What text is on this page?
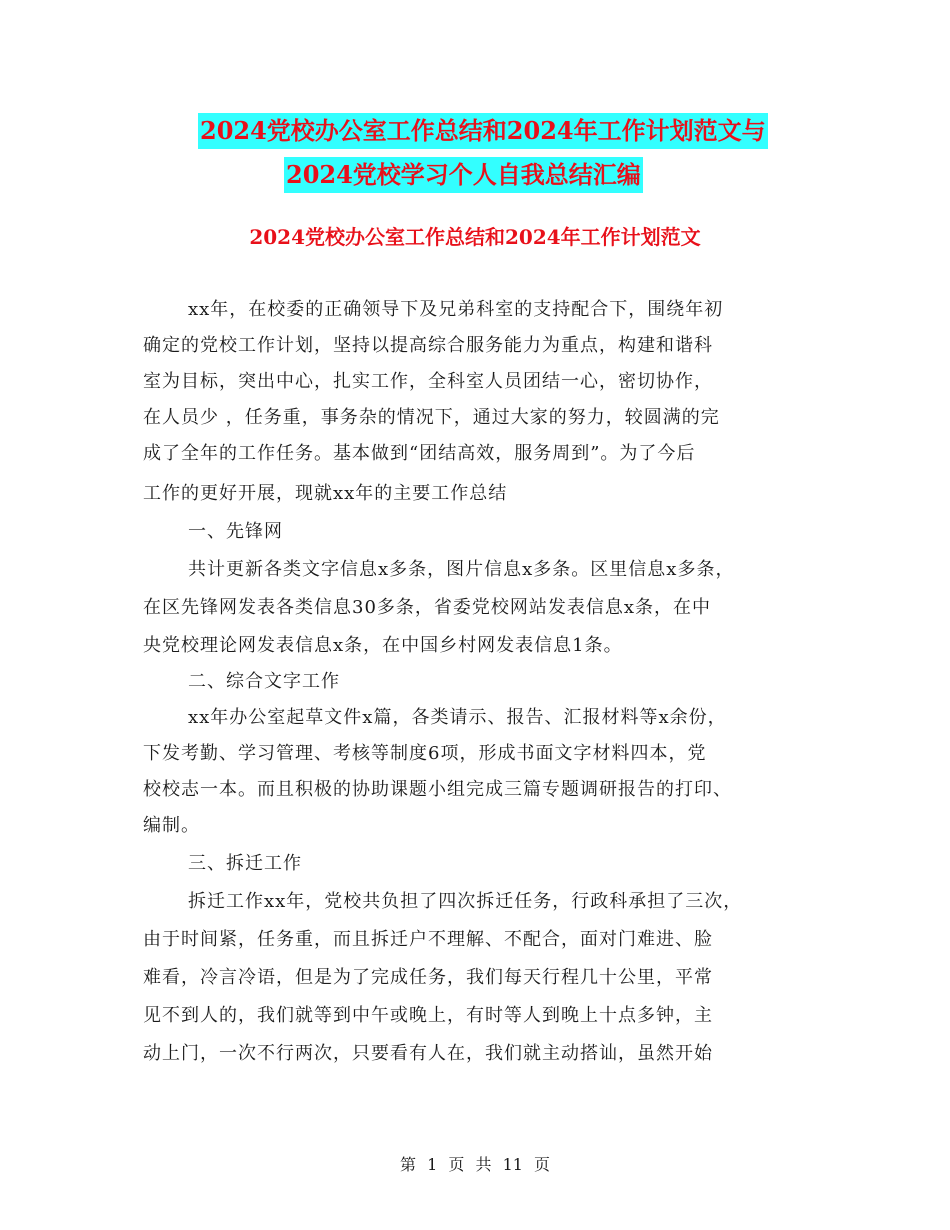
2024党校办公室工作总结和2024年工作计划范文与
2024党校学习个人自我总结汇编
2024党校办公室工作总结和2024年工作计划范文
xx年，在校委的正确领导下及兄弟科室的支持配合下，围绕年初
确定的党校工作计划，坚持以提高综合服务能力为重点，构建和谐科
室为目标，突出中心，扎实工作，全科室人员团结一心，密切协作，
在人员少 ，任务重，事务杂的情况下，通过大家的努力，较圆满的完
成了全年的工作任务。基本做到“团结高效，服务周到”。为了今后
工作的更好开展，现就xx年的主要工作总结
一、先锋网
共计更新各类文字信息x多条，图片信息x多条。区里信息x多条，
在区先锋网发表各类信息30多条，省委党校网站发表信息x条，在中
央党校理论网发表信息x条，在中国乡村网发表信息1条。
二、综合文字工作
xx年办公室起草文件x篇，各类请示、报告、汇报材料等x余份，
下发考勤、学习管理、考核等制度6项，形成书面文字材料四本，党
校校志一本。而且积极的协助课题小组完成三篇专题调研报告的打印、
编制。
三、拆迁工作
拆迁工作xx年，党校共负担了四次拆迁任务，行政科承担了三次，
由于时间紧，任务重，而且拆迁户不理解、不配合，面对门难进、脸
难看，冷言冷语，但是为了完成任务，我们每天行程几十公里，平常
见不到人的，我们就等到中午或晚上，有时等人到晚上十点多钟，主
动上门，一次不行两次，只要看有人在，我们就主动搭讪，虽然开始
第 1 页 共 11 页
